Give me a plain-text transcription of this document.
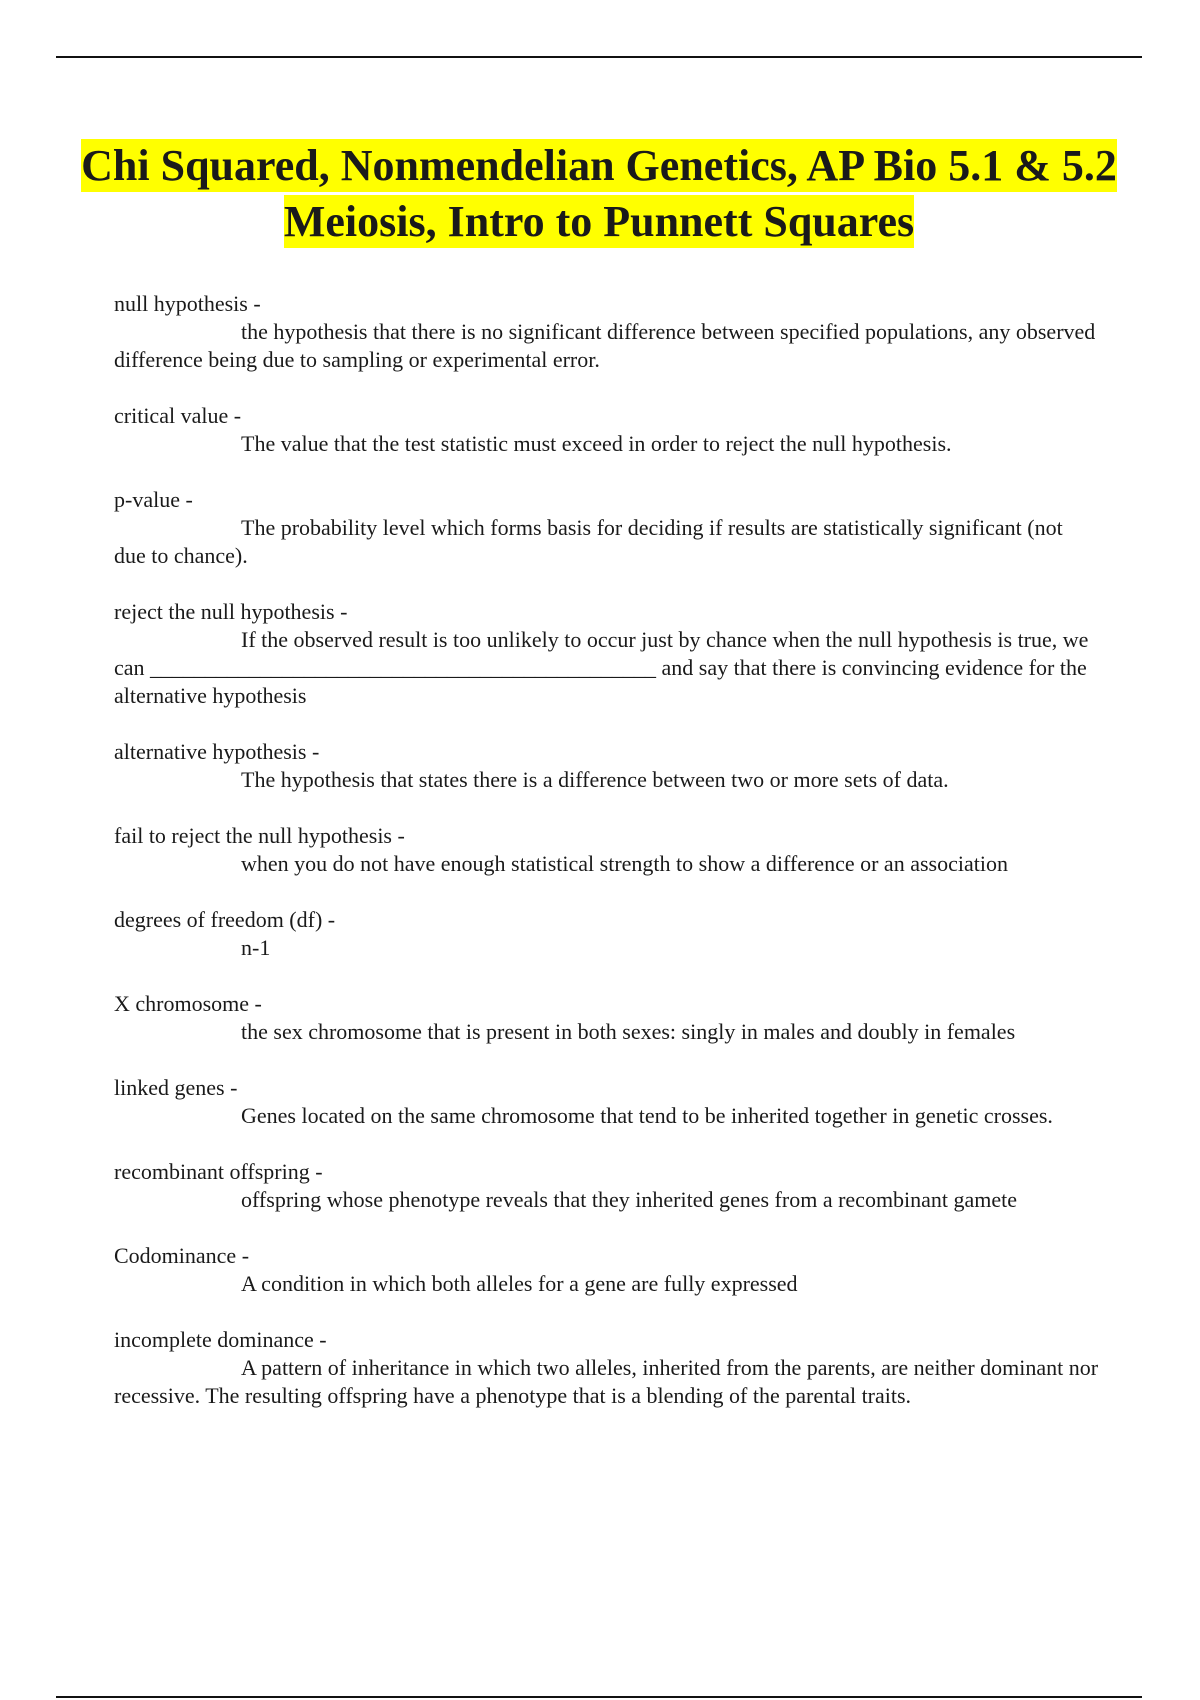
Chi Squared, Nonmendelian Genetics, AP Bio 5.1 & 5.2 Meiosis, Intro to Punnett Squares
null hypothesis -
the hypothesis that there is no significant difference between specified populations, any observed difference being due to sampling or experimental error.
critical value -
The value that the test statistic must exceed in order to reject the null hypothesis.
p-value -
The probability level which forms basis for deciding if results are statistically significant (not due to chance).
reject the null hypothesis -
If the observed result is too unlikely to occur just by chance when the null hypothesis is true, we can ______________________________________________ and say that there is convincing evidence for the alternative hypothesis
alternative hypothesis -
The hypothesis that states there is a difference between two or more sets of data.
fail to reject the null hypothesis -
when you do not have enough statistical strength to show a difference or an association
degrees of freedom (df) -
n-1
X chromosome -
the sex chromosome that is present in both sexes: singly in males and doubly in females
linked genes -
Genes located on the same chromosome that tend to be inherited together in genetic crosses.
recombinant offspring -
offspring whose phenotype reveals that they inherited genes from a recombinant gamete
Codominance -
A condition in which both alleles for a gene are fully expressed
incomplete dominance -
A pattern of inheritance in which two alleles, inherited from the parents, are neither dominant nor recessive. The resulting offspring have a phenotype that is a blending of the parental traits.
